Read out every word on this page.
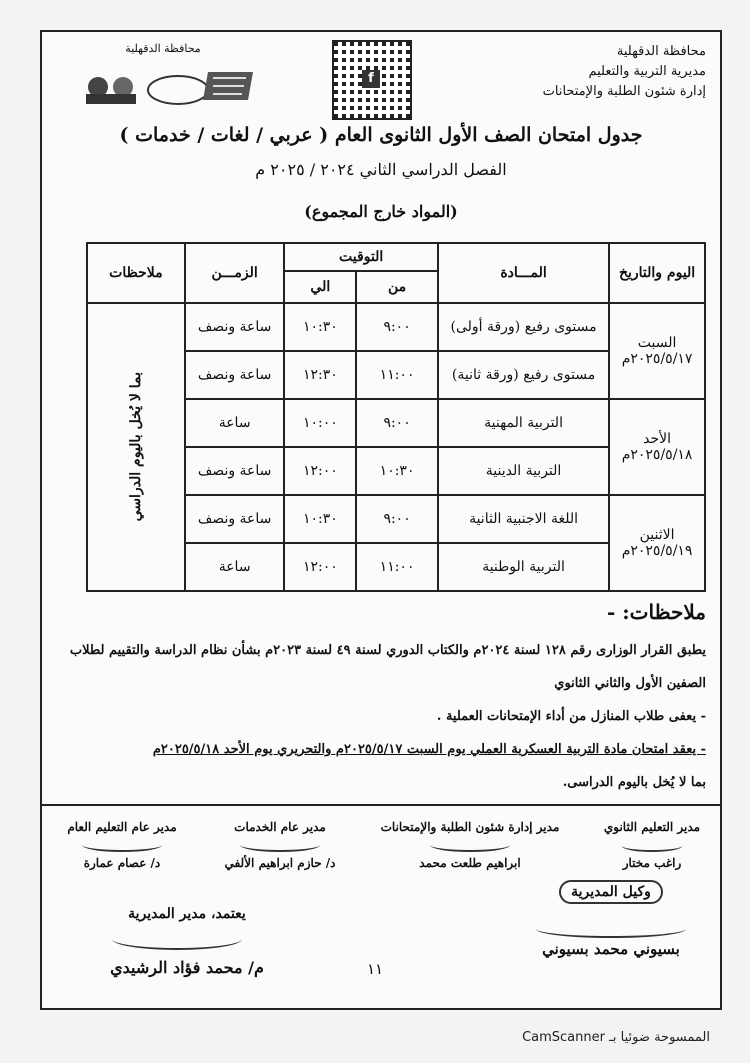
محافظة الدقهلية
مديرية التربية والتعليم
إدارة شئون الطلبة والإمتحانات
f
محافظة الدقهلية
جدول امتحان الصف الأول الثانوى العام ( عربي / لغات / خدمات )
الفصل الدراسي الثاني ٢٠٢٤ / ٢٠٢٥ م
(المواد خارج المجموع)
اليوم والتاريخ	المـــادة	التوقيت		الزمـــن	ملاحظات
		من	الي		

السبت
٢٠٢٥/٥/١٧م	مستوى رفيع (ورقة أولى)	٩:٠٠	١٠:٣٠	ساعة ونصف	بما لا يُخل باليوم الدراسي

	مستوى رفيع (ورقة ثانية)	١١:٠٠	١٢:٣٠	ساعة ونصف	

الأحد
٢٠٢٥/٥/١٨م	التربية المهنية	٩:٠٠	١٠:٠٠	ساعة	
	التربية الدينية	١٠:٣٠	١٢:٠٠	ساعة ونصف	

الاثنين
٢٠٢٥/٥/١٩م	اللغة الاجنبية الثانية	٩:٠٠	١٠:٣٠	ساعة ونصف	
	التربية الوطنية	١١:٠٠	١٢:٠٠	ساعة	
ملاحظات: -
يطبق القرار الوزارى رقم ١٢٨ لسنة ٢٠٢٤م والكتاب الدوري لسنة ٤٩ لسنة ٢٠٢٣م بشأن نظام الدراسة والتقييم لطلاب
الصفين الأول والثاني الثانوي
- يعفى طلاب المنازل من أداء الإمتحانات العملية .
- يعقد امتحان مادة التربية العسكرية العملي يوم السبت ٢٠٢٥/٥/١٧م والتحريري يوم الأحد ٢٠٢٥/٥/١٨م
بما لا يُخل باليوم الدراسى.
مدير التعليم الثانوي
راغب مختار
مدير إدارة شئون الطلبة والإمتحانات
ابراهيم طلعت محمد
مدير عام الخدمات
د/ حازم ابراهيم الألفي
مدير عام التعليم العام
د/ عصام عمارة
وكيل المديرية
بسيوني محمد بسيوني
يعتمد، مدير المديرية
م/ محمد فؤاد الرشيدي	١١
الممسوحة ضوئيا بـ CamScanner
